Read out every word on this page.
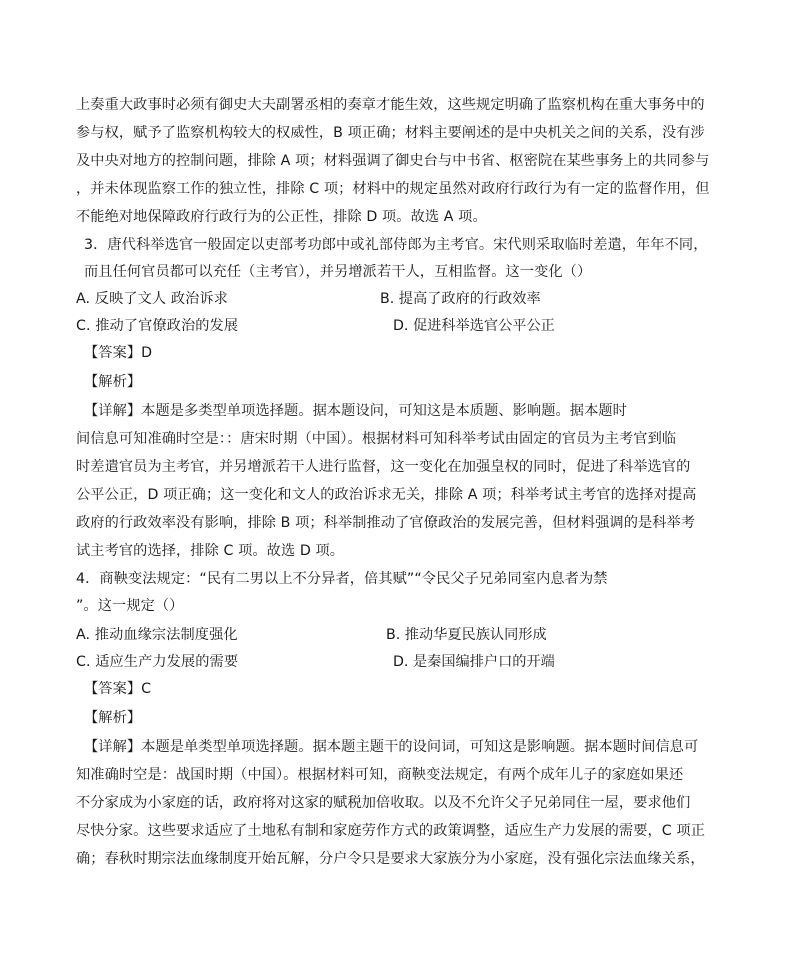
上奏重大政事时必须有御史大夫副署丞相的奏章才能生效，这些规定明确了监察机构在重大事务中的
参与权，赋予了监察机构较大的权威性，B 项正确；材料主要阐述的是中央机关之间的关系，没有涉
及中央对地方的控制问题，排除 A 项；材料强调了御史台与中书省、枢密院在某些事务上的共同参与
，并未体现监察工作的独立性，排除 C 项；材料中的规定虽然对政府行政行为有一定的监督作用，但
不能绝对地保障政府行政行为的公正性，排除 D 项。故选 A 项。
3．唐代科举选官一般固定以吏部考功郎中或礼部侍郎为主考官。宋代则采取临时差遣，年年不同，
而且任何官员都可以充任（主考官），并另增派若干人，互相监督。这一变化（）
A. 反映了文人 政治诉求	B. 提高了政府的行政效率
C. 推动了官僚政治的发展	D. 促进科举选官公平公正
【答案】D
【解析】
【详解】本题是多类型单项选择题。据本题设问，可知这是本质题、影响题。据本题时
间信息可知准确时空是：：唐宋时期（中国）。根据材料可知科举考试由固定的官员为主考官到临
时差遣官员为主考官，并另增派若干人进行监督，这一变化在加强皇权的同时，促进了科举选官的
公平公正，D 项正确；这一变化和文人的政治诉求无关，排除 A 项；科举考试主考官的选择对提高
政府的行政效率没有影响，排除 B 项；科举制推动了官僚政治的发展完善，但材料强调的是科举考
试主考官的选择，排除 C 项。故选 D 项。
4．商鞅变法规定：“民有二男以上不分异者，倍其赋”“令民父子兄弟同室内息者为禁
”。这一规定（）
A. 推动血缘宗法制度强化	B. 推动华夏民族认同形成
C. 适应生产力发展的需要	D. 是秦国编排户口的开端
【答案】C
【解析】
【详解】本题是单类型单项选择题。据本题主题干的设问词，可知这是影响题。据本题时间信息可
知准确时空是：战国时期（中国）。根据材料可知，商鞅变法规定，有两个成年儿子的家庭如果还
不分家成为小家庭的话，政府将对这家的赋税加倍收取。以及不允许父子兄弟同住一屋，要求他们
尽快分家。这些要求适应了土地私有制和家庭劳作方式的政策调整，适应生产力发展的需要，C 项正
确；春秋时期宗法血缘制度开始瓦解，分户令只是要求大家族分为小家庭，没有强化宗法血缘关系，
